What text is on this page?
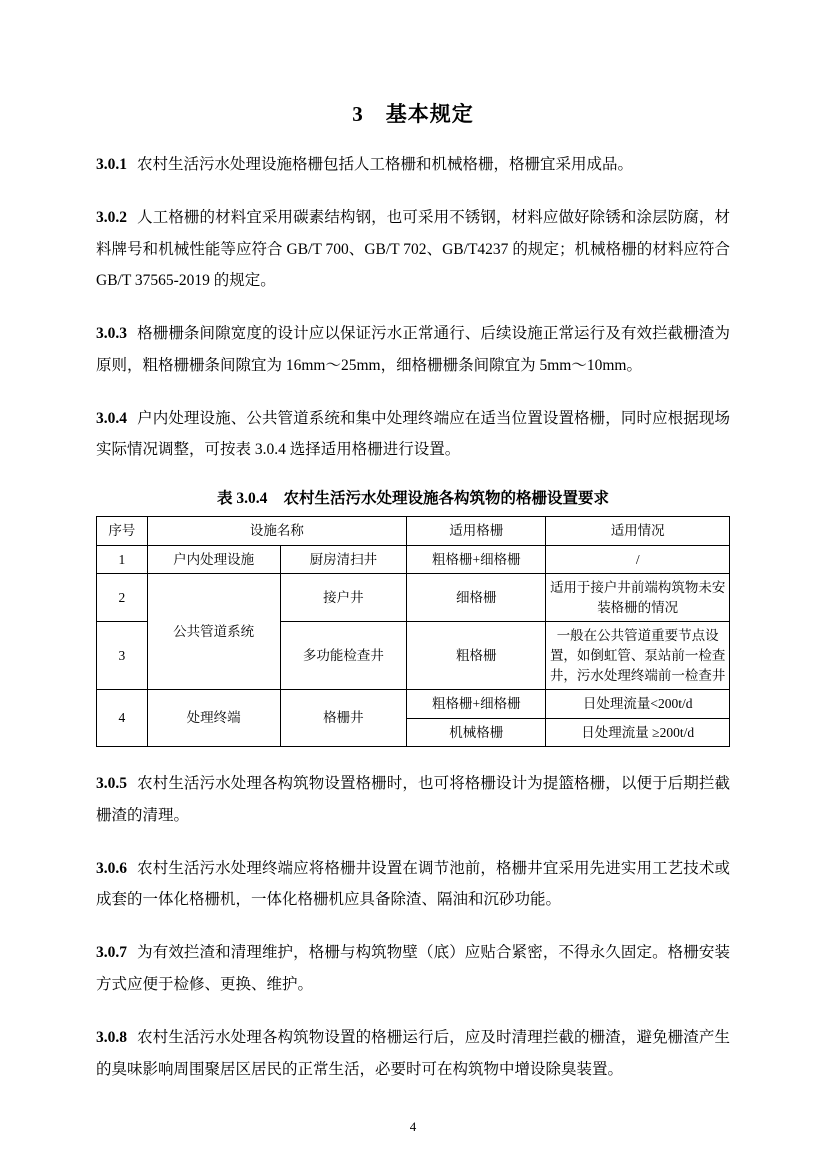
3 基本规定

3.0.1 农村生活污水处理设施格栅包括人工格栅和机械格栅，格栅宜采用成品。

3.0.2 人工格栅的材料宜采用碳素结构钢，也可采用不锈钢，材料应做好除锈和涂层防腐，材料牌号和机械性能等应符合 GB/T 700、GB/T 702、GB/T4237 的规定；机械格栅的材料应符合 GB/T 37565-2019 的规定。

3.0.3 格栅栅条间隙宽度的设计应以保证污水正常通行、后续设施正常运行及有效拦截栅渣为原则，粗格栅栅条间隙宜为 16mm～25mm，细格栅栅条间隙宜为 5mm～10mm。

3.0.4 户内处理设施、公共管道系统和集中处理终端应在适当位置设置格栅，同时应根据现场实际情况调整，可按表 3.0.4 选择适用格栅进行设置。

表 3.0.4 农村生活污水处理设施各构筑物的格栅设置要求
序号	设施名称		适用格栅	适用情况
1	户内处理设施	厨房清扫井	粗格栅+细格栅	/
2	公共管道系统	接户井	细格栅	适用于接户井前端构筑物未安装格栅的情况
3		多功能检查井	粗格栅	一般在公共管道重要节点设置，如倒虹管、泵站前一检查井，污水处理终端前一检查井
4	处理终端	格栅井	粗格栅+细格栅	日处理流量<200t/d
			机械格栅	日处理流量 ≥200t/d

3.0.5 农村生活污水处理各构筑物设置格栅时，也可将格栅设计为提篮格栅，以便于后期拦截栅渣的清理。

3.0.6 农村生活污水处理终端应将格栅井设置在调节池前，格栅井宜采用先进实用工艺技术或成套的一体化格栅机，一体化格栅机应具备除渣、隔油和沉砂功能。

3.0.7 为有效拦渣和清理维护，格栅与构筑物壁（底）应贴合紧密，不得永久固定。格栅安装方式应便于检修、更换、维护。

3.0.8 农村生活污水处理各构筑物设置的格栅运行后，应及时清理拦截的栅渣，避免栅渣产生的臭味影响周围聚居区居民的正常生活，必要时可在构筑物中增设除臭装置。

4
